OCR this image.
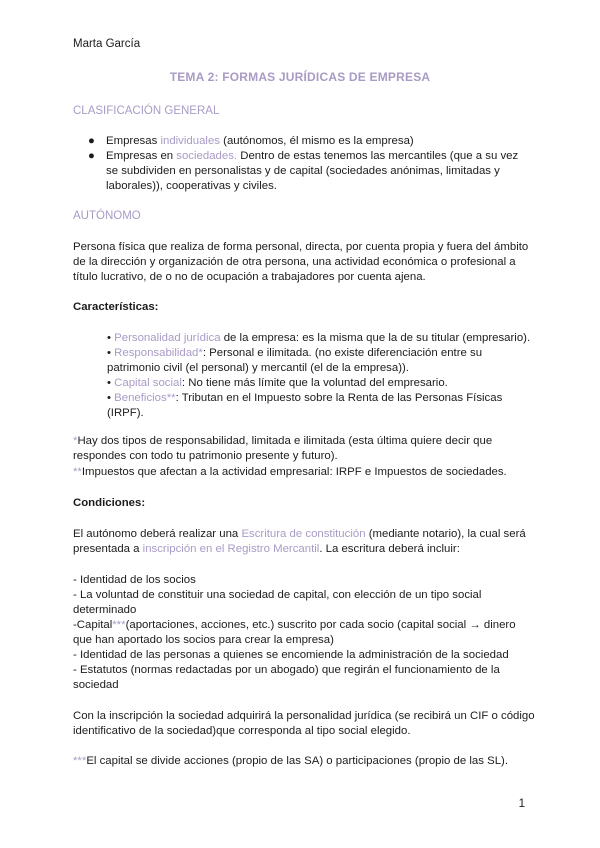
Marta García
TEMA 2: FORMAS JURÍDICAS DE EMPRESA
CLASIFICACIÓN GENERAL
● Empresas individuales (autónomos, él mismo es la empresa)
● Empresas en sociedades. Dentro de estas tenemos las mercantiles (que a su vez se subdividen en personalistas y de capital (sociedades anónimas, limitadas y laborales)), cooperativas y civiles.
AUTÓNOMO
Persona física que realiza de forma personal, directa, por cuenta propia y fuera del ámbito de la dirección y organización de otra persona, una actividad económica o profesional a título lucrativo, de o no de ocupación a trabajadores por cuenta ajena.
Características:
• Personalidad jurídica de la empresa: es la misma que la de su titular (empresario).
• Responsabilidad*: Personal e ilimitada. (no existe diferenciación entre su patrimonio civil (el personal) y mercantil (el de la empresa)).
• Capital social: No tiene más límite que la voluntad del empresario.
• Beneficios**: Tributan en el Impuesto sobre la Renta de las Personas Físicas (IRPF).
*Hay dos tipos de responsabilidad, limitada e ilimitada (esta última quiere decir que respondes con todo tu patrimonio presente y futuro).
**Impuestos que afectan a la actividad empresarial: IRPF e Impuestos de sociedades.
Condiciones:
El autónomo deberá realizar una Escritura de constitución (mediante notario), la cual será presentada a inscripción en el Registro Mercantil. La escritura deberá incluir:
- Identidad de los socios
- La voluntad de constituir una sociedad de capital, con elección de un tipo social determinado
-Capital***(aportaciones, acciones, etc.) suscrito por cada socio (capital social → dinero que han aportado los socios para crear la empresa)
- Identidad de las personas a quienes se encomiende la administración de la sociedad
- Estatutos (normas redactadas por un abogado) que regirán el funcionamiento de la sociedad
Con la inscripción la sociedad adquirirá la personalidad jurídica (se recibirá un CIF o código identificativo de la sociedad)que corresponda al tipo social elegido.
***El capital se divide acciones (propio de las SA) o participaciones (propio de las SL).
1
